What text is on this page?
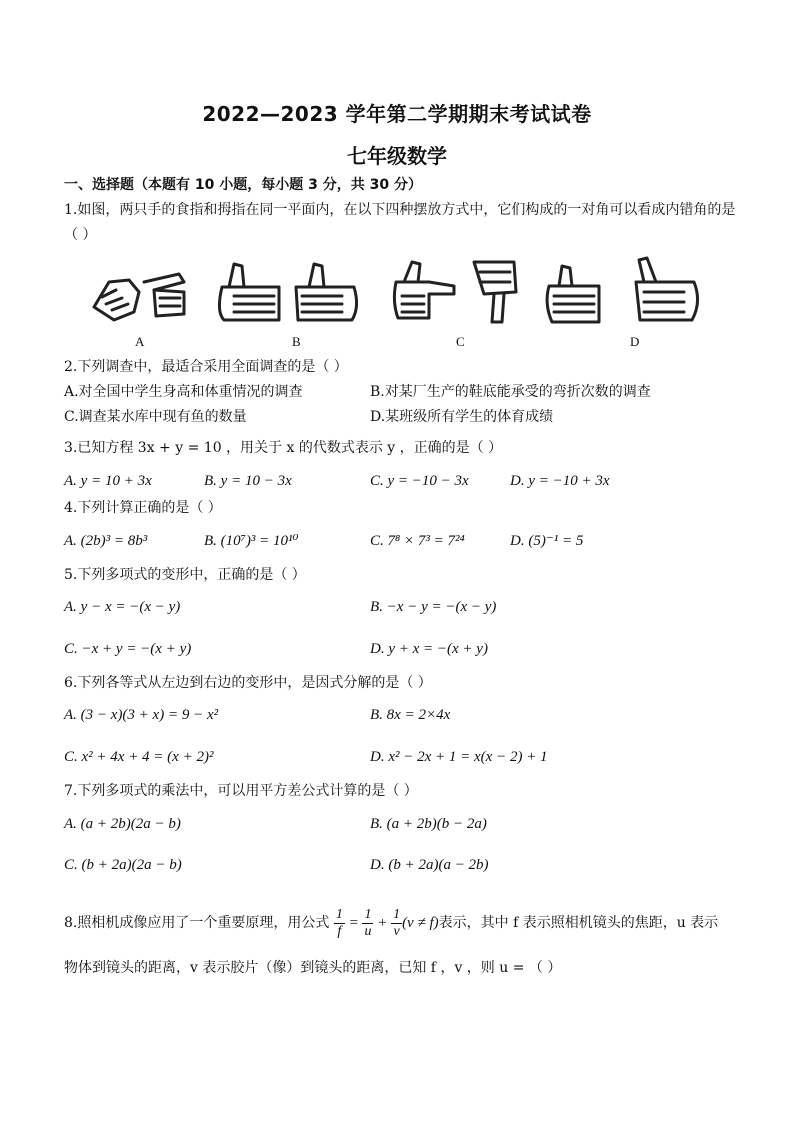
2022—2023 学年第二学期期末考试试卷
七年级数学
一、选择题（本题有 10 小题，每小题 3 分，共 30 分）
1.如图，两只手的食指和拇指在同一平面内，在以下四种摆放方式中，它们构成的一对角可以看成内错角的是
（ ）
A	B	C	D
2.下列调查中，最适合采用全面调查的是（ ）
A.对全国中学生身高和体重情况的调查	B.对某厂生产的鞋底能承受的弯折次数的调查
C.调查某水库中现有鱼的数量	D.某班级所有学生的体育成绩
3.已知方程 3x + y = 10 ，用关于 x 的代数式表示 y ，正确的是（ ）
A. y = 10 + 3x	B. y = 10 − 3x	C. y = −10 − 3x	D. y = −10 + 3x
4.下列计算正确的是（ ）
A. (2b)³ = 8b³	B. (10⁷)³ = 10¹⁰	C. 7⁸ × 7³ = 7²⁴	D. (5)⁻¹ = 5
5.下列多项式的变形中，正确的是（ ）
A. y − x = −(x − y)	B. −x − y = −(x − y)
C. −x + y = −(x + y)	D. y + x = −(x + y)
6.下列各等式从左边到右边的变形中，是因式分解的是（ ）
A. (3 − x)(3 + x) = 9 − x²	B. 8x = 2×4x
C. x² + 4x + 4 = (x + 2)²	D. x² − 2x + 1 = x(x − 2) + 1
7.下列多项式的乘法中，可以用平方差公式计算的是（ ）
A. (a + 2b)(2a − b)	B. (a + 2b)(b − 2a)
C. (b + 2a)(2a − b)	D. (b + 2a)(a − 2b)
8.照相机成像应用了一个重要原理，用公式 $\frac{1}{f} = \frac{1}{u} + \frac{1}{v} (v \ne f)$表示，其中 f 表示照相机镜头的焦距，u 表示
物体到镜头的距离，v 表示胶片（像）到镜头的距离，已知 f ，v ，则 u = （ ）
